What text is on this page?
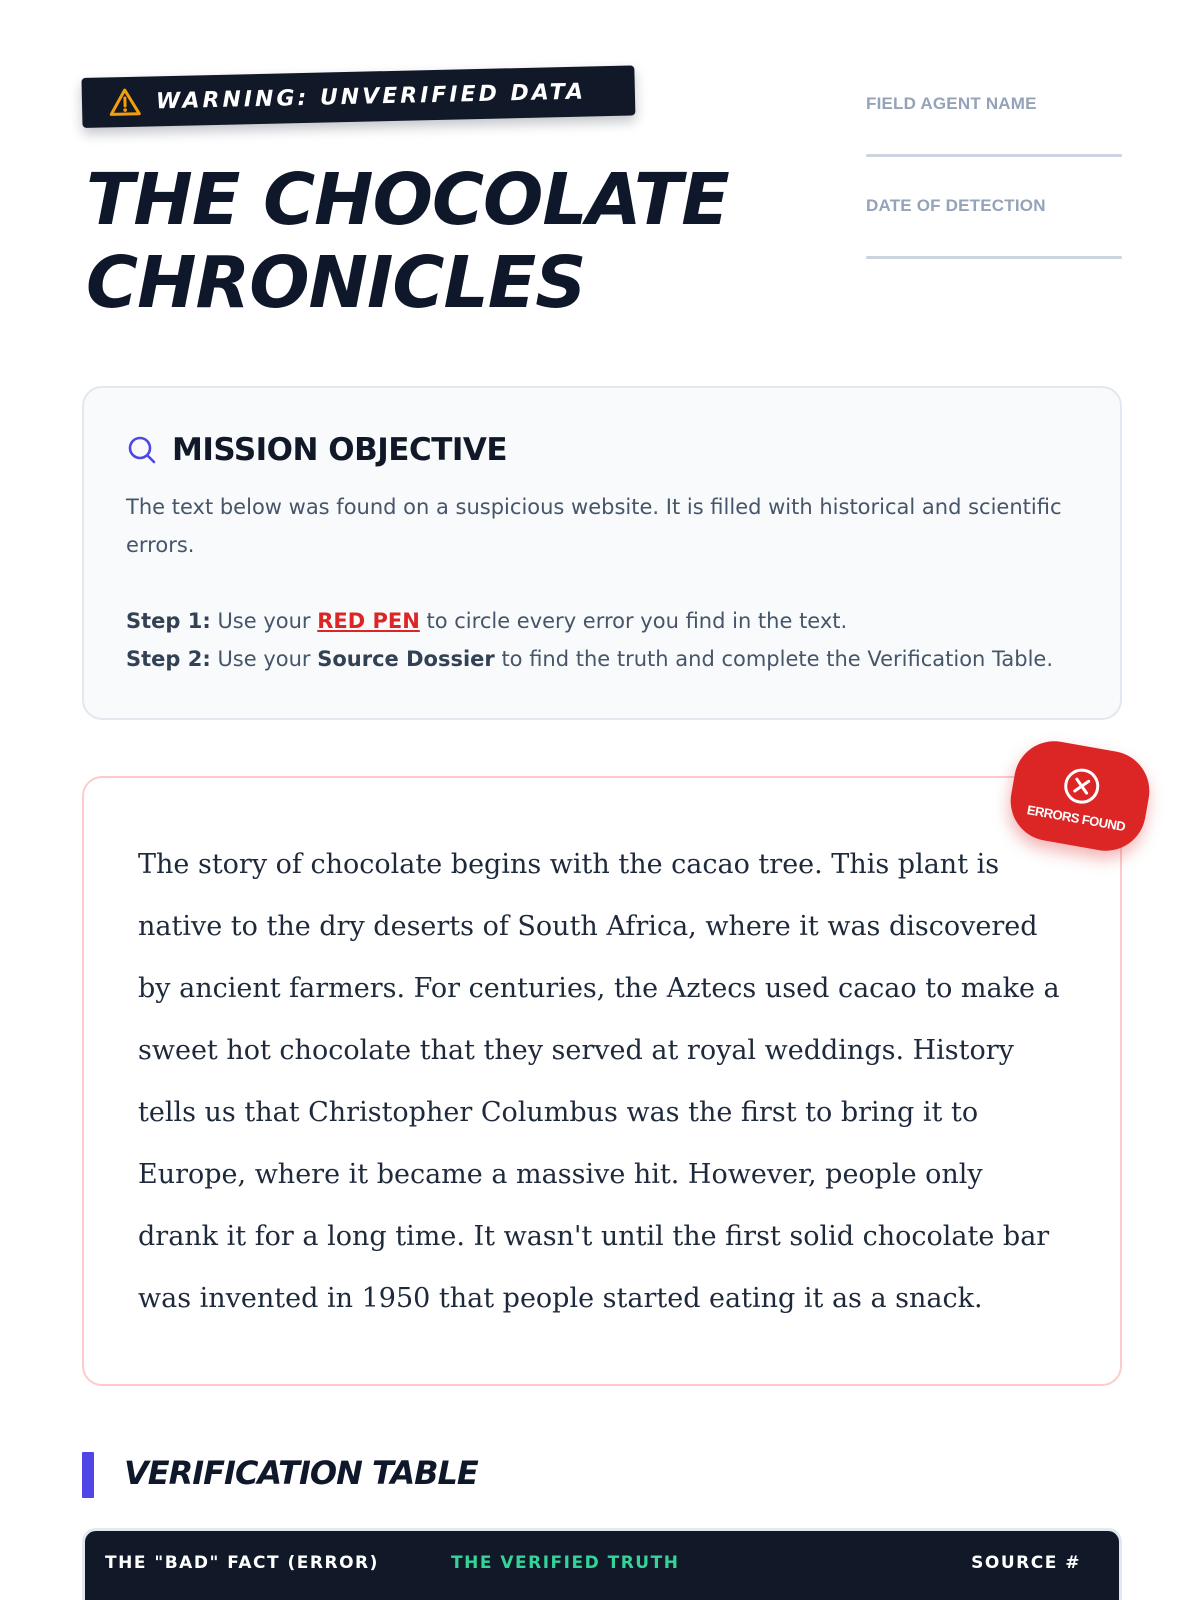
WARNING: UNVERIFIED DATA
THE CHOCOLATE
CHRONICLES
FIELD AGENT NAME
DATE OF DETECTION
MISSION OBJECTIVE

The text below was found on a suspicious website. It is filled with historical and scientific errors.

Step 1: Use your RED PEN to circle every error you find in the text.
Step 2: Use your Source Dossier to find the truth and complete the Verification Table.
The story of chocolate begins with the cacao tree. This plant is
native to the dry deserts of South Africa, where it was discovered
by ancient farmers. For centuries, the Aztecs used cacao to make a
sweet hot chocolate that they served at royal weddings. History
tells us that Christopher Columbus was the first to bring it to
Europe, where it became a massive hit. However, people only
drank it for a long time. It wasn't until the first solid chocolate bar
was invented in 1950 that people started eating it as a snack.
ERRORS FOUND
VERIFICATION TABLE
THE "BAD" FACT (ERROR)	THE VERIFIED TRUTH	SOURCE #
